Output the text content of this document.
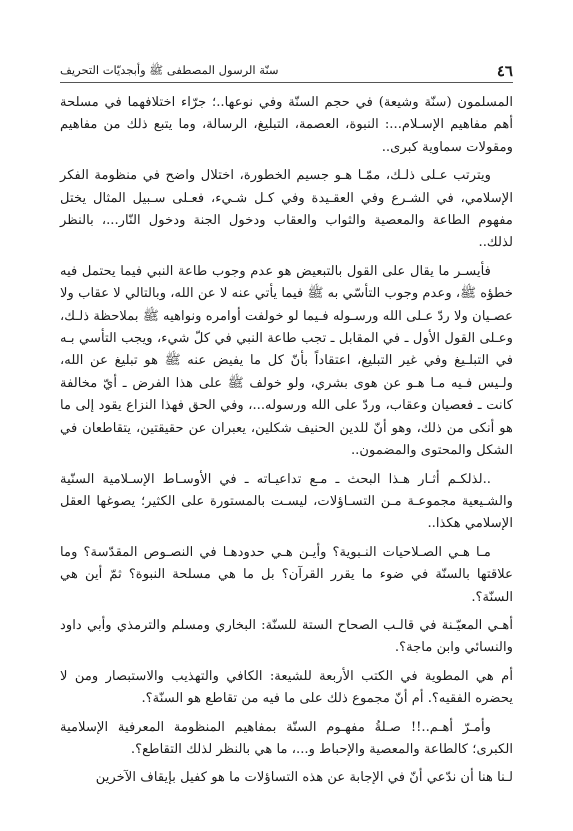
٤٦
سنّة الرسول المصطفى ﷺ وأبجديّات التحريف

المسلمون (سنّة وشيعة) في حجم السنّة وفي نوعها..؛ جرّاء اختلافهما في مسلحة أهم مفاهيم الإسـلام...: النبوة، العصمة، التبليغ، الرسالة، وما يتبع ذلك من مفاهيم ومقولات سماوية كبرى..

ويترتب عـلى ذلـك، ممّـا هـو جسيم الخطورة، اختلال واضح في منظومة الفكر الإسلامي، في الشـرع وفي العقـيدة وفي كـل شـيء، فعـلى سـبيل المثال يختل مفهوم الطاعة والمعصية والثواب والعقاب ودخول الجنة ودخول النّار...، بالنظر لذلك..

فأيسـر ما يقال على القول بالتبعيض هو عدم وجوب طاعة النبي فيما يحتمل فيه خطؤه ﷺ، وعدم وجوب التأسّي به ﷺ فيما يأتي عنه لا عن الله، وبالتالي لا عقاب ولا عصـيان ولا ردّ عـلى الله ورسـوله فـيما لو خولفت أوامره ونواهيه ﷺ بملاحظة ذلـك، وعـلى القول الأول ـ في المقابل ـ تجب طاعة النبي في كلّ شيء، ويجب التأسي بـه في التبلـيغ وفي غير التبليغ، اعتقاداً بأنّ كل ما يفيض عنه ﷺ هو تبليغ عن الله، ولـيس فـيه مـا هـو عن هوى بشري، ولو خولف ﷺ على هذا الفرض ـ أيّ مخالفة كانت ـ فعصيان وعقاب، وردّ على الله ورسوله...، وفي الحق فهذا النزاع يقود إلى ما هو أنكى من ذلك، وهو أنّ للدين الحنيف شكلين، يعبران عن حقيقتين، يتقاطعان في الشكل والمحتوى والمضمون..

..لذلكـم أثـار هـذا البحث ـ مـع تداعيـاته ـ في الأوسـاط الإسـلامية السنّية والشـيعية مجموعـة مـن التسـاؤلات، ليسـت بالمستورة على الكثير؛ يصوغها العقل الإسلامي هكذا..

مـا هـي الصـلاحيات النـبوية؟ وأيـن هـي حدودهـا في النصـوص المقدّسة؟ وما علاقتها بالسنّة في ضوء ما يقرر القرآن؟ بل ما هي مسلحة النبوة؟ ثمّ أين هي السنّة؟.

أهـي المعيّـنة في قالـب الصحاح الستة للسنّة: البخاري ومسلم والترمذي وأبي داود والنسائي وابن ماجة؟.

أم هي المطوية في الكتب الأربعة للشيعة: الكافي والتهذيب والاستبصار ومن لا يحضره الفقيه؟. أم أنّ مجموع ذلك على ما فيه من تقاطع هو السنّة؟.

وأمـرّ أهـم..!! صـلةُ مفهـوم السنّة بمفاهيم المنظومة المعرفية الإسلامية الكبرى؛ كالطاعة والمعصية والإحباط و...، ما هي بالنظر لذلك التقاطع؟.

لـنا هنا أن ندّعي أنّ في الإجابة عن هذه التساؤلات ما هو كفيل بإيقاف الآخرين
